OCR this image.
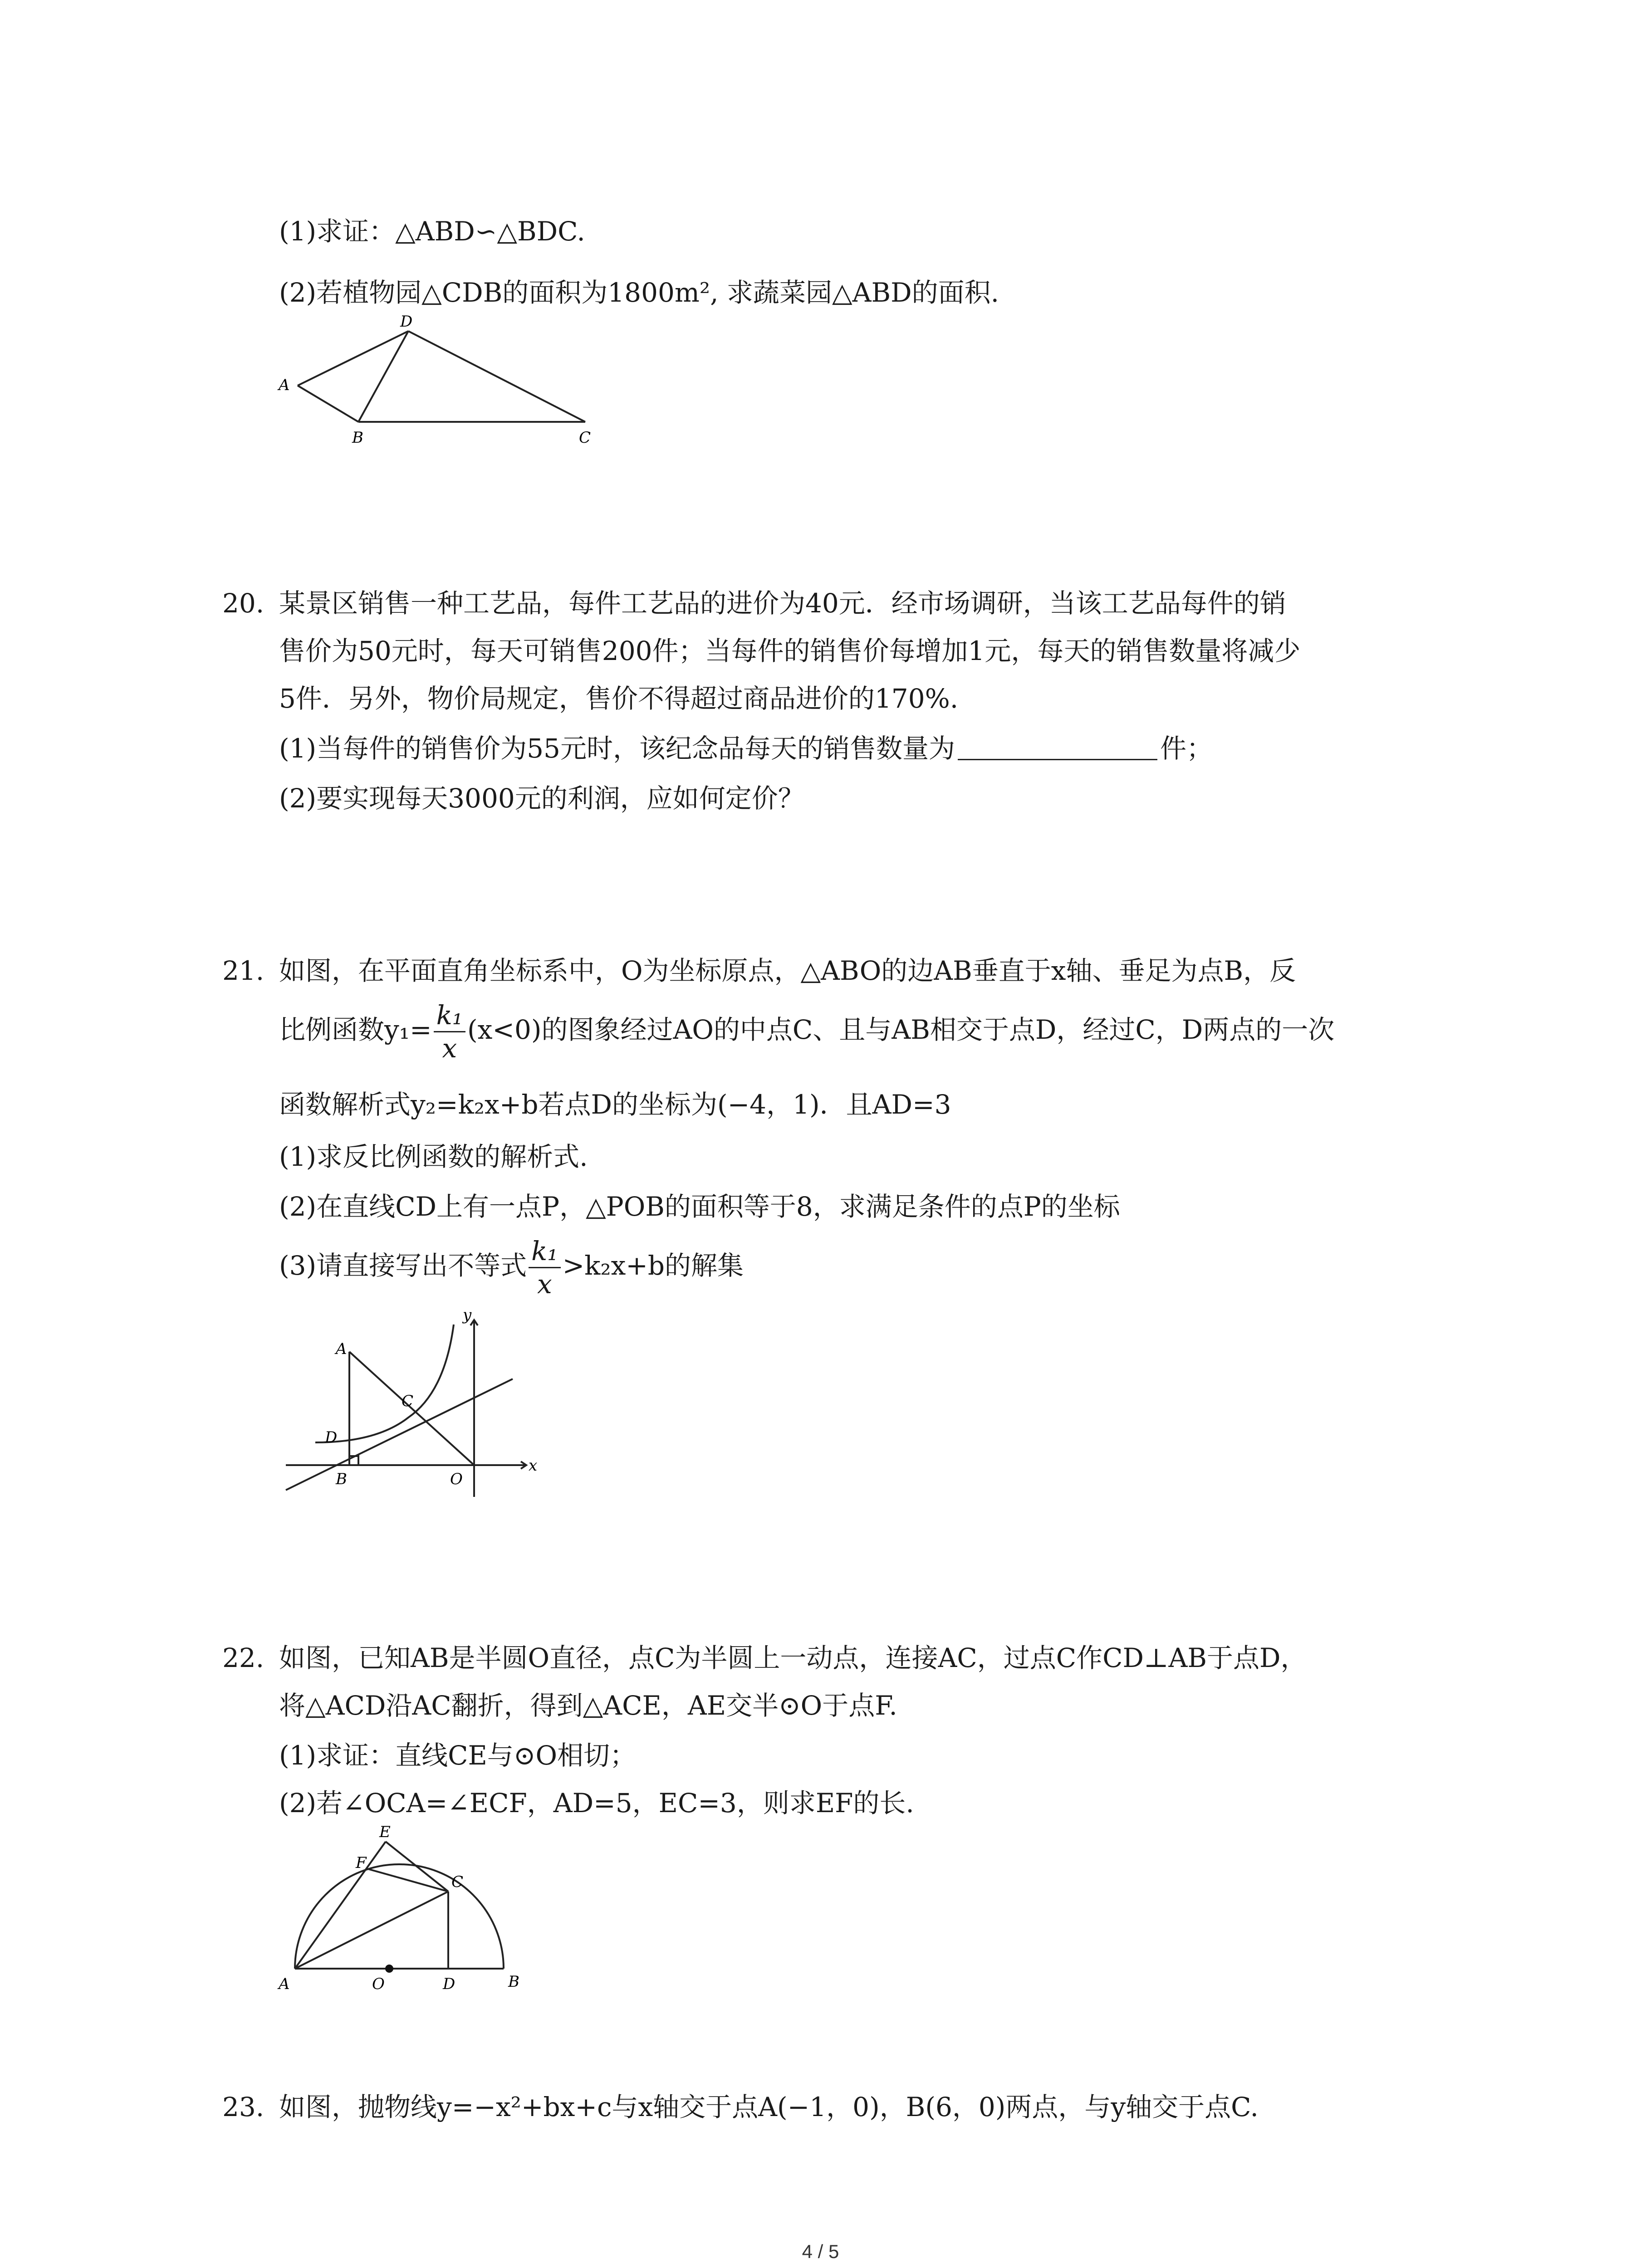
(1)求证：△ABD∽△BDC.
(2)若植物园△CDB的面积为1800m², 求蔬菜园△ABD的面积.
D
A
B	C
20. 某景区销售一种工艺品，每件工艺品的进价为40元．经市场调研，当该工艺品每件的销
售价为50元时，每天可销售200件；当每件的销售价每增加1元，每天的销售数量将减少
5件．另外，物价局规定，售价不得超过商品进价的170%.
(1)当每件的销售价为55元时，该纪念品每天的销售数量为	件；
(2)要实现每天3000元的利润，应如何定价？
21. 如图，在平面直角坐标系中，O为坐标原点，△ABO的边AB垂直于x轴、垂足为点B，反
比例函数$y_1= \frac{\text{k₁}}{x} (x<0)$的图象经过AO的中点C、且与AB相交于点D，经过C，D两点的一次
函数解析式y₂=k₂x+b若点D的坐标为(−4，1)．且AD=3
(1)求反比例函数的解析式.
(2)在直线CD上有一点P，△POB的面积等于8，求满足条件的点P的坐标
(3)请直接写出不等式 $\frac{\text{k₁}}{x} >k_2x+b$的解集
y
A
C
D
B	O
x
22. 如图，已知AB是半圆O直径，点C为半圆上一动点，连接AC，过点C作CD⊥AB于点D，
将△ACD沿AC翻折，得到△ACE，AE交半⊙O于点F.
(1)求证：直线CE与⊙O相切；
(2)若∠OCA=∠ECF，AD=5，EC=3，则求EF的长.
E
F
C
A	O	D	B
23. 如图，抛物线y=−x²+bx+c与x轴交于点A(−1，0)，B(6，0)两点，与y轴交于点C.
4 / 5
